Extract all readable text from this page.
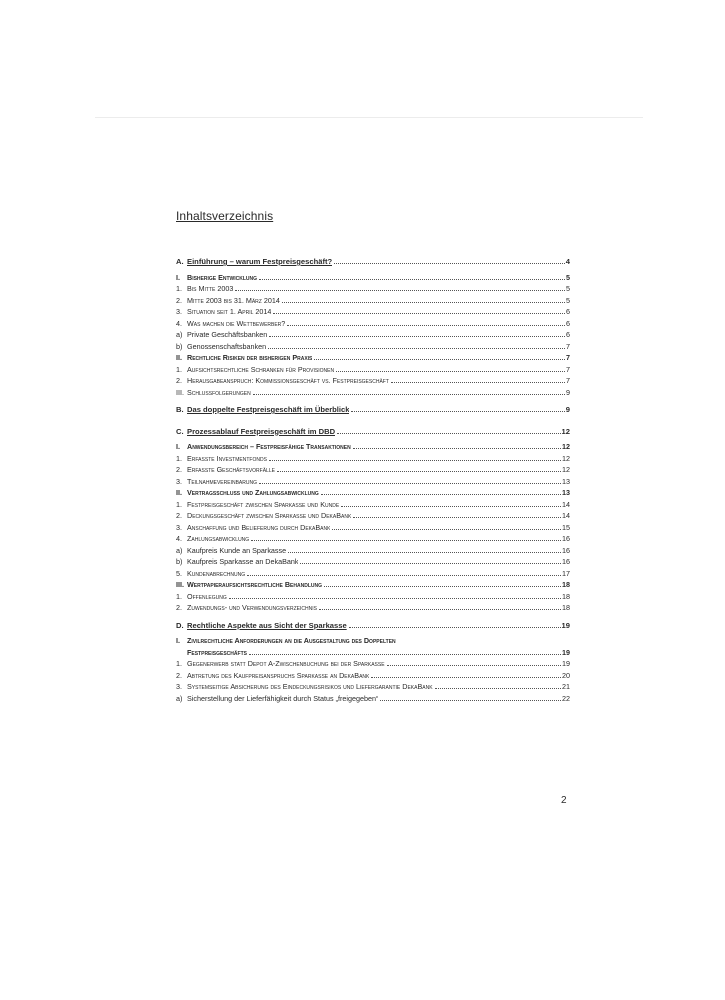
Inhaltsverzeichnis
A. Einführung – warum Festpreisgeschäft?	4
I. Bisherige Entwicklung	5
1. Bis Mitte 2003	5
2. Mitte 2003 bis 31. März 2014	5
3. Situation seit 1. April 2014	6
4. Was machen die Wettbewerber?	6
a) Private Geschäftsbanken	6
b) Genossenschaftsbanken	7
II. Rechtliche Risiken der bisherigen Praxis	7
1. Aufsichtsrechtliche Schranken für Provisionen	7
2. Herausgabeanspruch: Kommissionsgeschäft vs. Festpreisgeschäft	7
III. Schlussfolgerungen	9
B. Das doppelte Festpreisgeschäft im Überblick	9
C. Prozessablauf Festpreisgeschäft im DBD	12
I. Anwendungsbereich – Festpreisfähige Transaktionen	12
1. Erfasste Investmentfonds	12
2. Erfasste Geschäftsvorfälle	12
3. Teilnahmevereinbarung	13
II. Vertragsschluss und Zahlungsabwicklung	13
1. Festpreisgeschäft zwischen Sparkasse und Kunde	14
2. Deckungsgeschäft zwischen Sparkasse und DekaBank	14
3. Anschaffung und Belieferung durch DekaBank	15
4. Zahlungsabwicklung	16
a) Kaufpreis Kunde an Sparkasse	16
b) Kaufpreis Sparkasse an DekaBank	16
5. Kundenabrechnung	17
III. Wertpapieraufsichtsrechtliche Behandlung	18
1. Offenlegung	18
2. Zuwendungs- und Verwendungsverzeichnis	18
D. Rechtliche Aspekte aus Sicht der Sparkasse	19
I. Zivilrechtliche Anforderungen an die Ausgestaltung des Doppelten
Festpreisgeschäfts	19
1. Gegenerwerb statt Depot A-Zwischenbuchung bei der Sparkasse	19
2. Abtretung des Kaufpreisanspruchs Sparkasse an DekaBank	20
3. Systemseitige Absicherung des Eindeckungsrisikos und Liefergarantie DekaBank	21
a) Sicherstellung der Lieferfähigkeit durch Status „freigegeben“	22
2
